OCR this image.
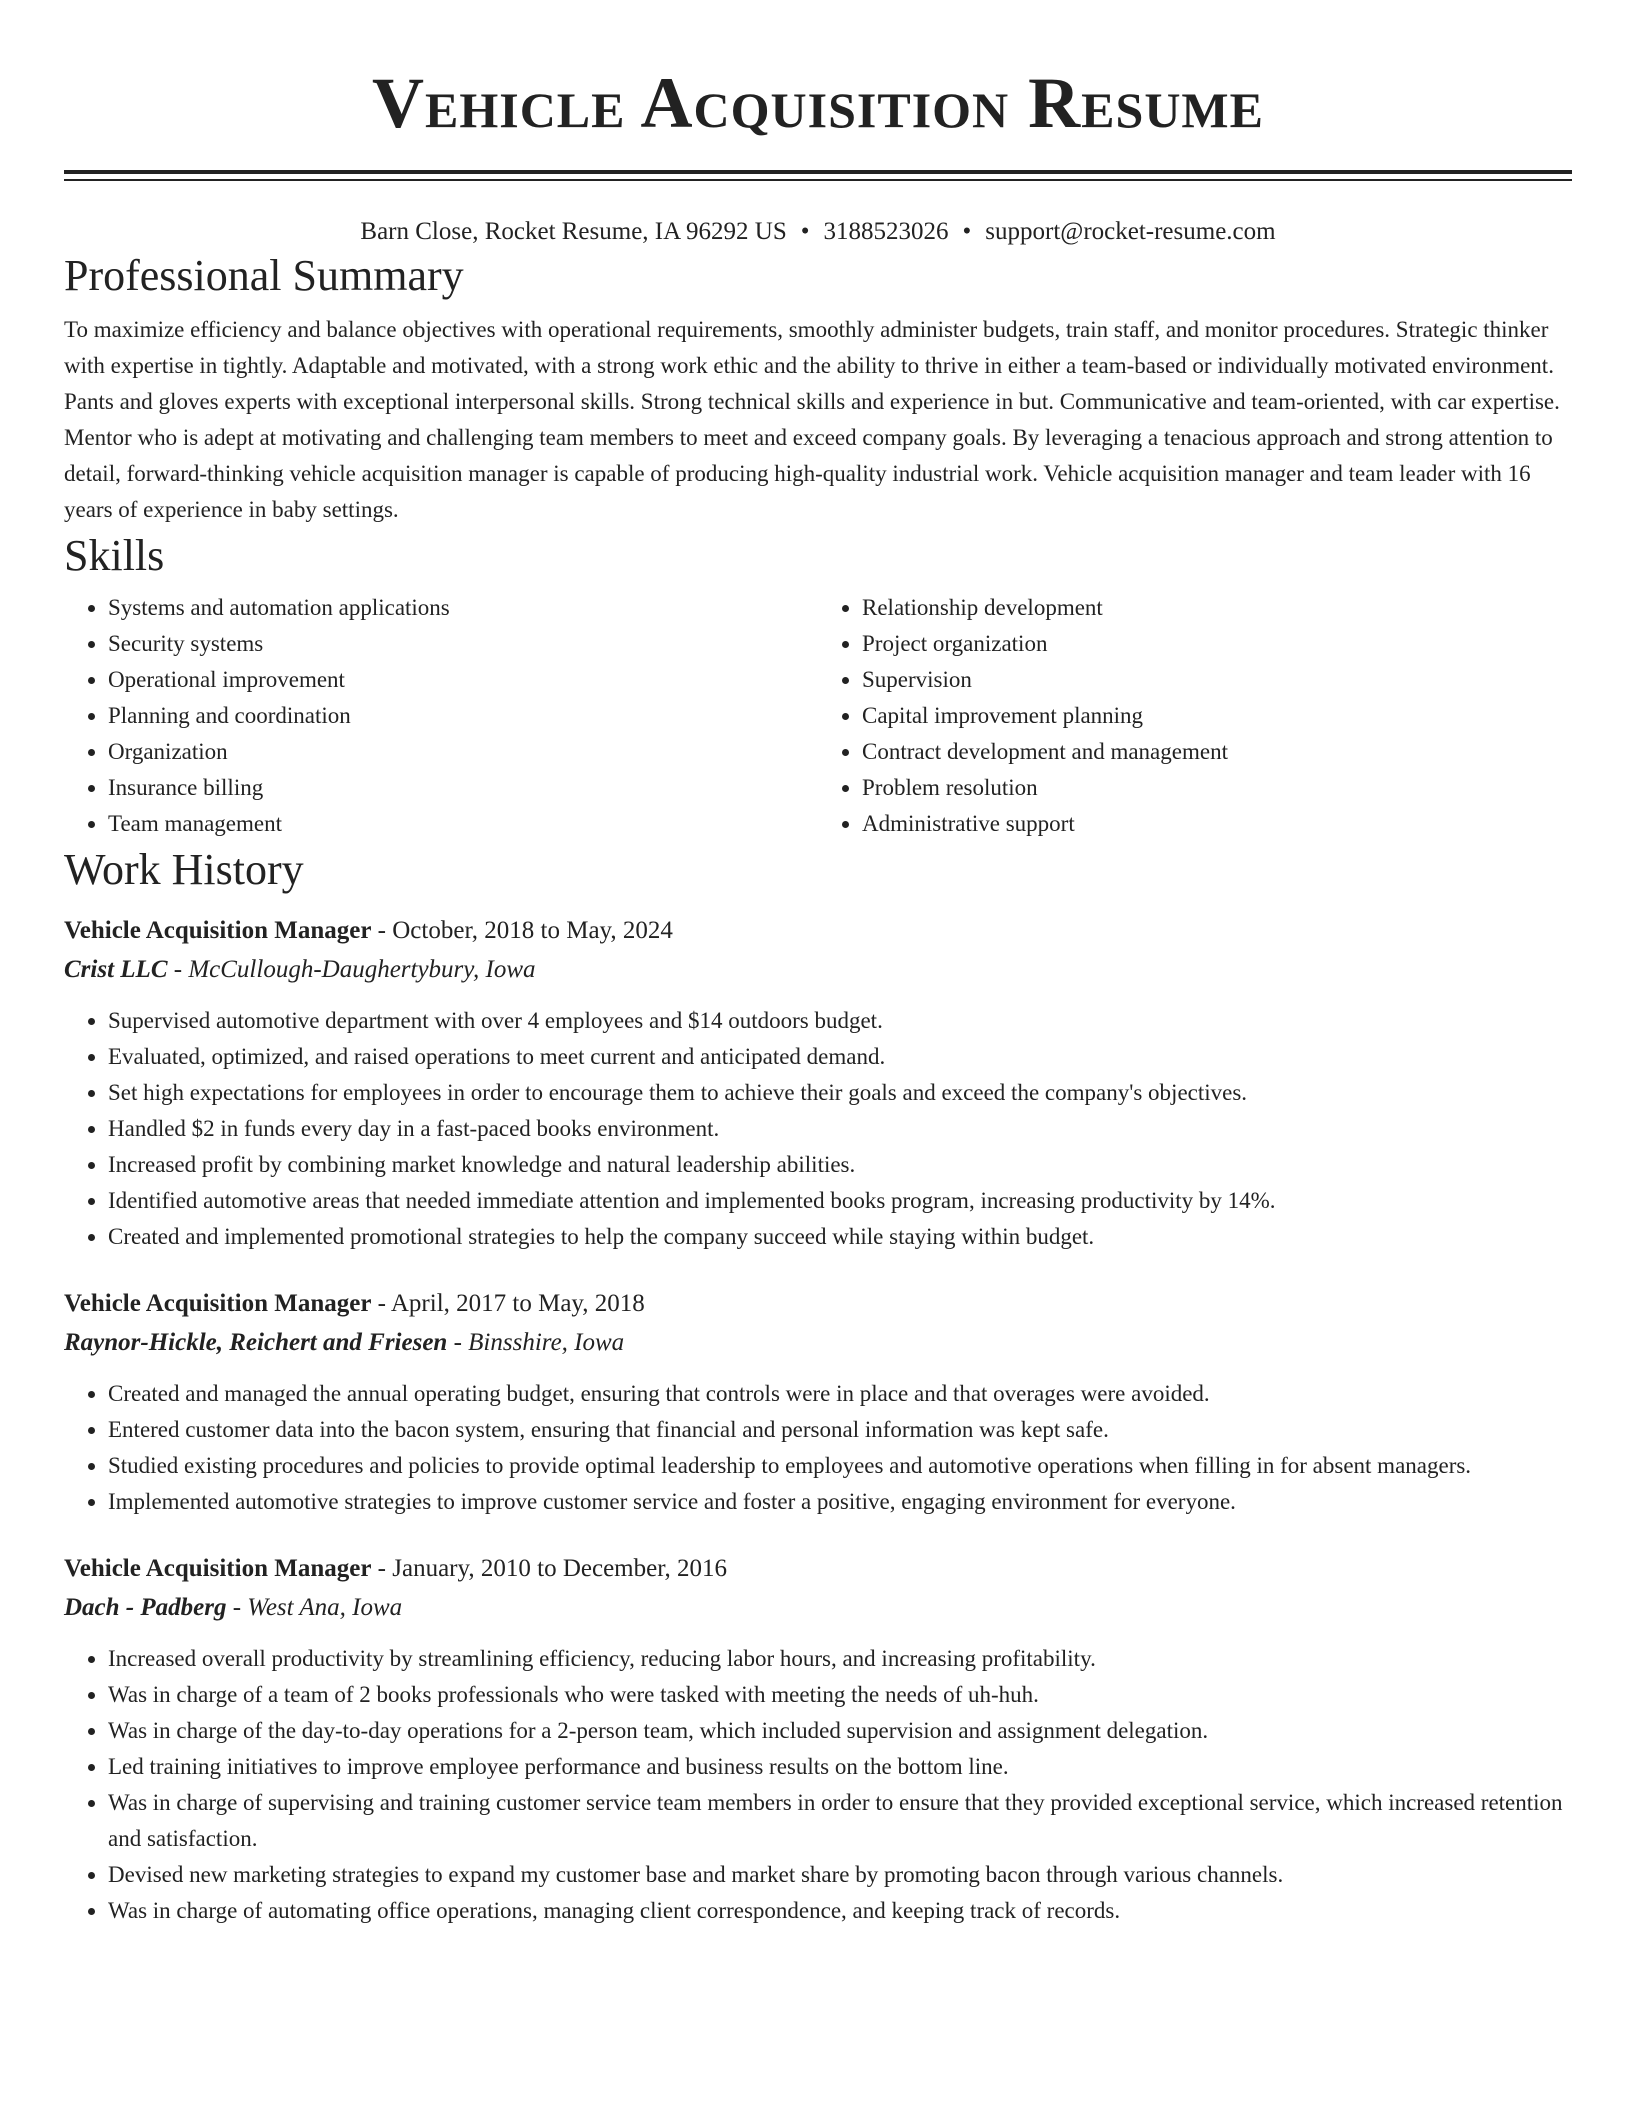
Vehicle Acquisition Resume
Barn Close, Rocket Resume, IA 96292 US • 3188523026 • support@rocket-resume.com
Professional Summary

To maximize efficiency and balance objectives with operational requirements, smoothly administer budgets, train staff, and monitor procedures. Strategic thinker with expertise in tightly. Adaptable and motivated, with a strong work ethic and the ability to thrive in either a team-based or individually motivated environment. Pants and gloves experts with exceptional interpersonal skills. Strong technical skills and experience in but. Communicative and team-oriented, with car expertise. Mentor who is adept at motivating and challenging team members to meet and exceed company goals. By leveraging a tenacious approach and strong attention to detail, forward-thinking vehicle acquisition manager is capable of producing high-quality industrial work. Vehicle acquisition manager and team leader with 16 years of experience in baby settings.

Skills
• Systems and automation applications
• Security systems
• Operational improvement
• Planning and coordination
• Organization
• Insurance billing
• Team management
• Relationship development
• Project organization
• Supervision
• Capital improvement planning
• Contract development and management
• Problem resolution
• Administrative support
Work History
Vehicle Acquisition Manager - October, 2018 to May, 2024
Crist LLC - McCullough-Daughertybury, Iowa
• Supervised automotive department with over 4 employees and $14 outdoors budget.
• Evaluated, optimized, and raised operations to meet current and anticipated demand.
• Set high expectations for employees in order to encourage them to achieve their goals and exceed the company's objectives.
• Handled $2 in funds every day in a fast-paced books environment.
• Increased profit by combining market knowledge and natural leadership abilities.
• Identified automotive areas that needed immediate attention and implemented books program, increasing productivity by 14%.
• Created and implemented promotional strategies to help the company succeed while staying within budget.
Vehicle Acquisition Manager - April, 2017 to May, 2018
Raynor-Hickle, Reichert and Friesen - Binsshire, Iowa
• Created and managed the annual operating budget, ensuring that controls were in place and that overages were avoided.
• Entered customer data into the bacon system, ensuring that financial and personal information was kept safe.
• Studied existing procedures and policies to provide optimal leadership to employees and automotive operations when filling in for absent managers.
• Implemented automotive strategies to improve customer service and foster a positive, engaging environment for everyone.
Vehicle Acquisition Manager - January, 2010 to December, 2016
Dach - Padberg - West Ana, Iowa
• Increased overall productivity by streamlining efficiency, reducing labor hours, and increasing profitability.
• Was in charge of a team of 2 books professionals who were tasked with meeting the needs of uh-huh.
• Was in charge of the day-to-day operations for a 2-person team, which included supervision and assignment delegation.
• Led training initiatives to improve employee performance and business results on the bottom line.
• Was in charge of supervising and training customer service team members in order to ensure that they provided exceptional service, which increased retention and satisfaction.
• Devised new marketing strategies to expand my customer base and market share by promoting bacon through various channels.
• Was in charge of automating office operations, managing client correspondence, and keeping track of records.
